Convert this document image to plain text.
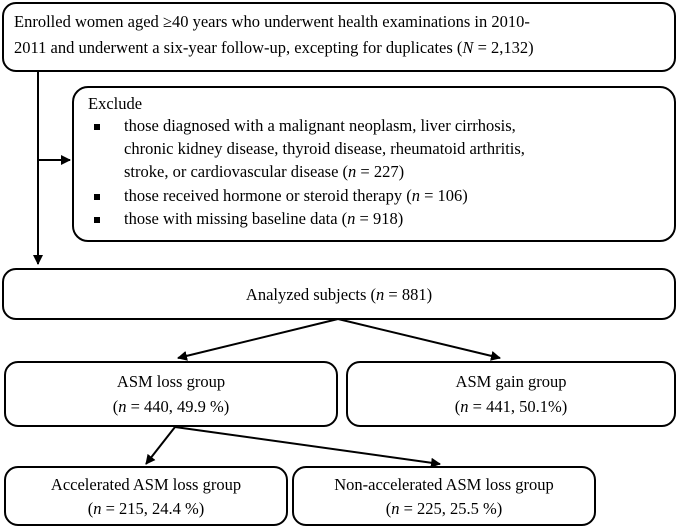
Enrolled women aged ≥40 years who underwent health examinations in 2010-
2011 and underwent a six-year follow-up, excepting for duplicates (N = 2,132)
Exclude
those diagnosed with a malignant neoplasm, liver cirrhosis,
chronic kidney disease, thyroid disease, rheumatoid arthritis,
stroke, or cardiovascular disease (n = 227)
those received hormone or steroid therapy (n = 106)
those with missing baseline data (n = 918)
Analyzed subjects (n = 881)
ASM loss group
(n = 440, 49.9 %)
ASM gain group
(n = 441, 50.1%)
Accelerated ASM loss group
(n = 215, 24.4 %)
Non-accelerated ASM loss group
(n = 225, 25.5 %)
